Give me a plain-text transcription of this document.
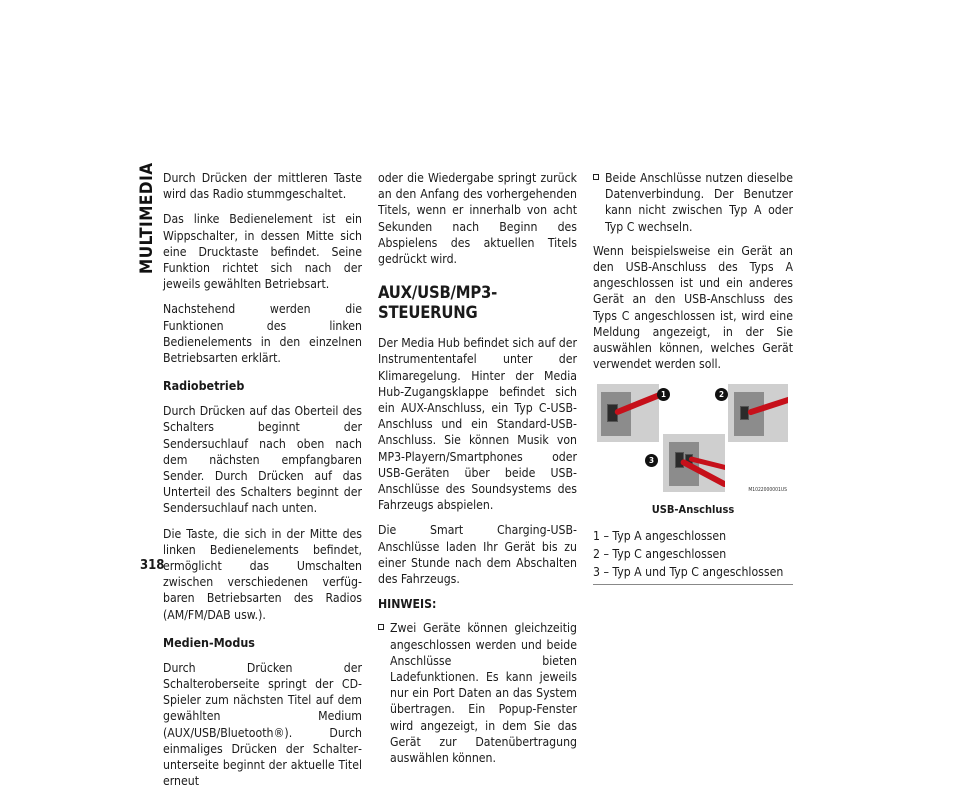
MULTIMEDIA
318

Durch Drücken der mittleren Taste wird das Radio stummgeschaltet.

Das linke Bedienelement ist ein Wippschalter, in dessen Mitte sich eine Drucktaste befindet. Seine Funktion richtet sich nach der jeweils gewählten Betriebsart.

Nachstehend werden die Funktionen des linken Bedienelements in den einzelnen Betriebsarten erklärt.

Radiobetrieb

Durch Drücken auf das Oberteil des Schalters beginnt der Sendersuchlauf nach oben nach dem nächsten empfangbaren Sender. Durch Drücken auf das Unterteil des Schalters beginnt der Sendersuchlauf nach unten.

Die Taste, die sich in der Mitte des linken Bedienelements befindet, ermöglicht das Umschalten zwischen verschiedenen verfügbaren Betriebsarten des Radios (AM/FM/DAB usw.).

Medien-Modus

Durch Drücken der Schalteroberseite springt der CD-Spieler zum nächsten Titel auf dem gewählten Medium (AUX/USB/Bluetooth®). Durch einmaliges Drücken der Schalterunterseite beginnt der aktuelle Titel erneut

oder die Wiedergabe springt zurück an den Anfang des vorhergehenden Titels, wenn er innerhalb von acht Sekunden nach Beginn des Abspielens des aktuellen Titels gedrückt wird.

AUX/USB/MP3-STEUERUNG

Der Media Hub befindet sich auf der Instrumententafel unter der Klimaregelung. Hinter der Media Hub-Zugangsklappe befindet sich ein AUX-Anschluss, ein Typ C-USB-Anschluss und ein Standard-USB-Anschluss. Sie können Musik von MP3-Playern/Smartphones oder USB-Geräten über beide USB-Anschlüsse des Soundsystems des Fahrzeugs abspielen.

Die Smart Charging-USB-Anschlüsse laden Ihr Gerät bis zu einer Stunde nach dem Abschalten des Fahrzeugs.

HINWEIS:
Zwei Geräte können gleichzeitig angeschlossen werden und beide Anschlüsse bieten Ladefunktionen. Es kann jeweils nur ein Port Daten an das System übertragen. Ein Popup-Fenster wird angezeigt, in dem Sie das Gerät zur Datenübertragung auswählen können.
Beide Anschlüsse nutzen dieselbe Datenverbindung. Der Benutzer kann nicht zwischen Typ A oder Typ C wechseln.

Wenn beispielsweise ein Gerät an den USB-Anschluss des Typs A angeschlossen ist und ein anderes Gerät an den USB-Anschluss des Typs C angeschlossen ist, wird eine Meldung angezeigt, in der Sie auswählen können, welches Gerät verwendet werden soll.

1	2
3
M1022000001US
USB-Anschluss
1 – Typ A angeschlossen
2 – Typ C angeschlossen
3 – Typ A und Typ C angeschlossen
